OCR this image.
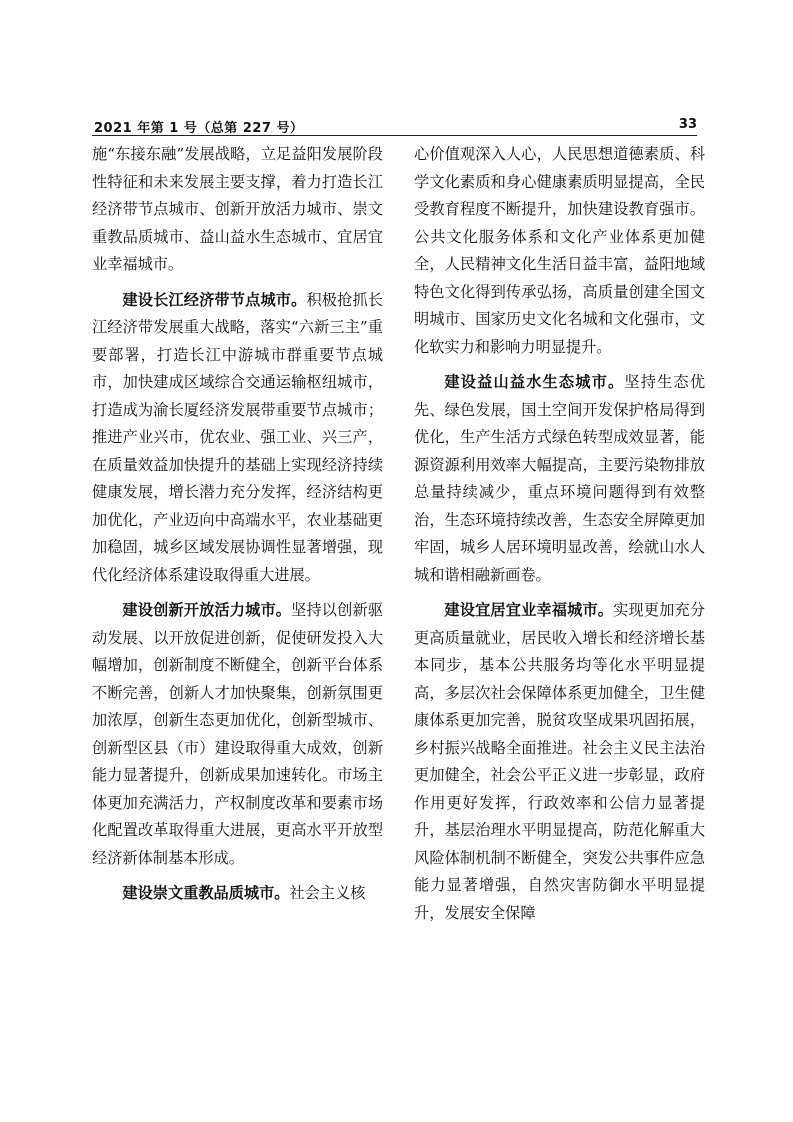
2021 年第 1 号（总第 227 号）	33

施“东接东融”发展战略，立足益阳发展阶段性特征和未来发展主要支撑，着力打造长江经济带节点城市、创新开放活力城市、崇文重教品质城市、益山益水生态城市、宜居宜业幸福城市。

建设长江经济带节点城市。积极抢抓长江经济带发展重大战略，落实“六新三主”重要部署，打造长江中游城市群重要节点城市，加快建成区域综合交通运输枢纽城市，打造成为渝长厦经济发展带重要节点城市；推进产业兴市，优农业、强工业、兴三产，在质量效益加快提升的基础上实现经济持续健康发展，增长潜力充分发挥，经济结构更加优化，产业迈向中高端水平，农业基础更加稳固，城乡区域发展协调性显著增强，现代化经济体系建设取得重大进展。

建设创新开放活力城市。坚持以创新驱动发展、以开放促进创新，促使研发投入大幅增加，创新制度不断健全，创新平台体系不断完善，创新人才加快聚集，创新氛围更加浓厚，创新生态更加优化，创新型城市、创新型区县（市）建设取得重大成效，创新能力显著提升，创新成果加速转化。市场主体更加充满活力，产权制度改革和要素市场化配置改革取得重大进展，更高水平开放型经济新体制基本形成。

建设崇文重教品质城市。社会主义核

心价值观深入人心，人民思想道德素质、科学文化素质和身心健康素质明显提高，全民受教育程度不断提升，加快建设教育强市。公共文化服务体系和文化产业体系更加健全，人民精神文化生活日益丰富，益阳地域特色文化得到传承弘扬，高质量创建全国文明城市、国家历史文化名城和文化强市，文化软实力和影响力明显提升。

建设益山益水生态城市。坚持生态优先、绿色发展，国土空间开发保护格局得到优化，生产生活方式绿色转型成效显著，能源资源利用效率大幅提高，主要污染物排放总量持续减少，重点环境问题得到有效整治，生态环境持续改善，生态安全屏障更加牢固，城乡人居环境明显改善，绘就山水人城和谐相融新画卷。

建设宜居宜业幸福城市。实现更加充分更高质量就业，居民收入增长和经济增长基本同步，基本公共服务均等化水平明显提高，多层次社会保障体系更加健全，卫生健康体系更加完善，脱贫攻坚成果巩固拓展，乡村振兴战略全面推进。社会主义民主法治更加健全，社会公平正义进一步彰显，政府作用更好发挥，行政效率和公信力显著提升，基层治理水平明显提高，防范化解重大风险体制机制不断健全，突发公共事件应急能力显著增强，自然灾害防御水平明显提升，发展安全保障
